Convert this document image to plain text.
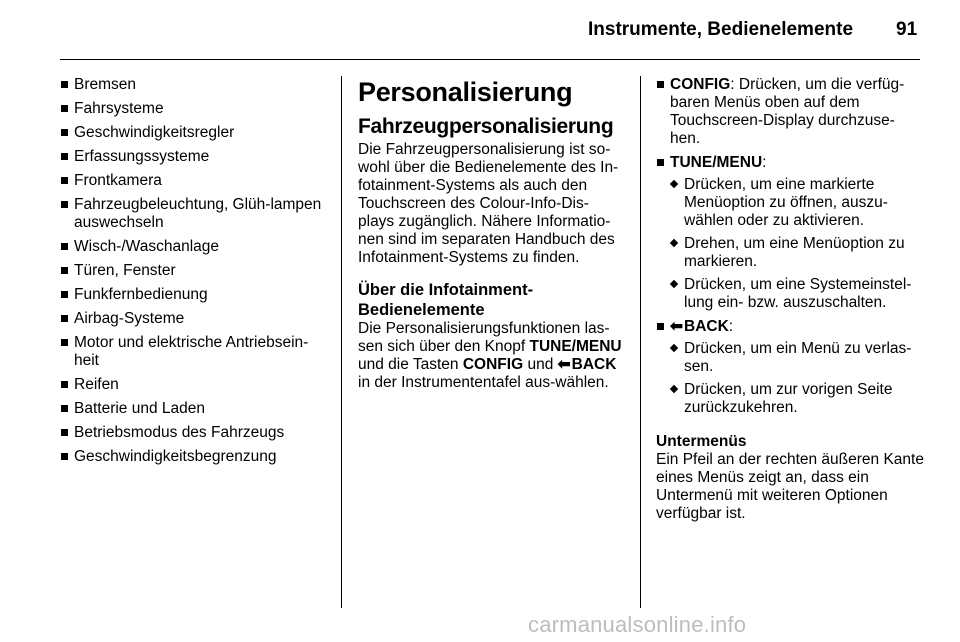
Instrumente, Bedienelemente 91
Bremsen
Fahrsysteme
Geschwindigkeitsregler
Erfassungssysteme
Frontkamera
Fahrzeugbeleuchtung, Glüh-lampen auswechseln
Wisch-/Waschanlage
Türen, Fenster
Funkfernbedienung
Airbag-Systeme
Motor und elektrische Antriebsein-heit
Reifen
Batterie und Laden
Betriebsmodus des Fahrzeugs
Geschwindigkeitsbegrenzung
Personalisierung
Fahrzeugpersonalisierung

Die Fahrzeugpersonalisierung ist so-wohl über die Bedienelemente des In-fotainment-Systems als auch den Touchscreen des Colour-Info-Dis-plays zugänglich. Nähere Informatio-nen sind im separaten Handbuch des Infotainment-Systems zu finden.

Über die Infotainment-Bedienelemente

Die Personalisierungsfunktionen las-sen sich über den Knopf TUNE/MENU und die Tasten CONFIG und ⬅BACK in der Instrumententafel aus-wählen.

CONFIG: Drücken, um die verfüg-baren Menüs oben auf dem Touchscreen-Display durchzuse-hen.
TUNE/MENU:
Drücken, um eine markierte Menüoption zu öffnen, auszu-wählen oder zu aktivieren.
Drehen, um eine Menüoption zu markieren.
Drücken, um eine Systemeinstel-lung ein- bzw. auszuschalten.
⬅BACK:
Drücken, um ein Menü zu verlas-sen.
Drücken, um zur vorigen Seite zurückzukehren.
Untermenüs

Ein Pfeil an der rechten äußeren Kante eines Menüs zeigt an, dass ein Untermenü mit weiteren Optionen verfügbar ist.

carmanualsonline.info
